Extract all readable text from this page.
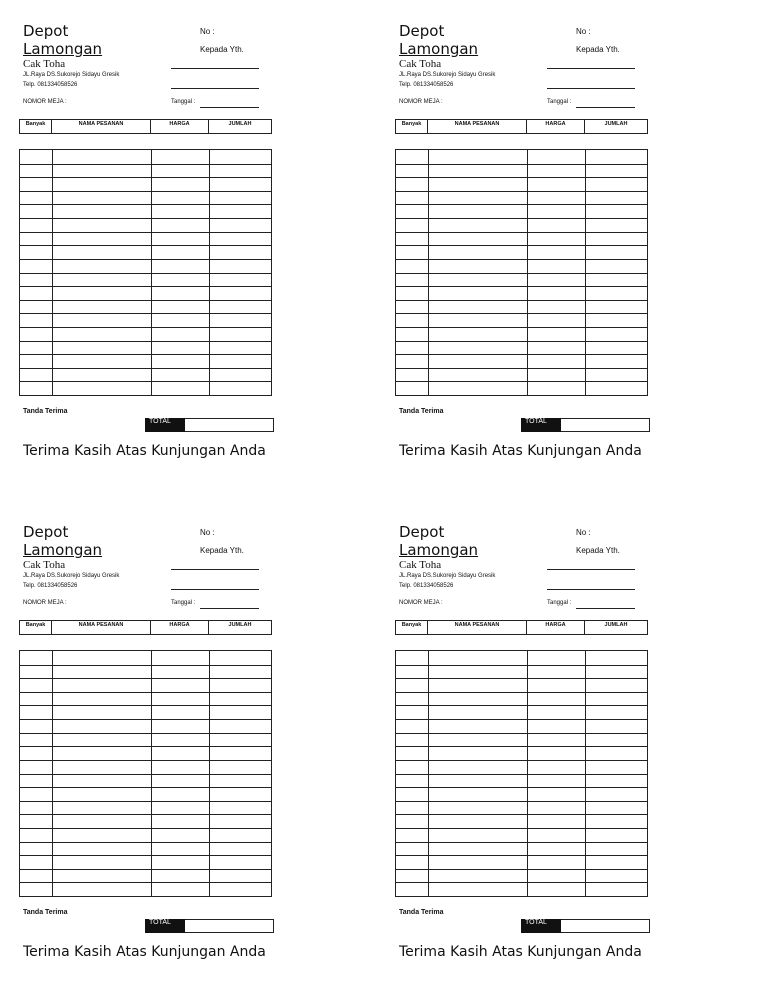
Depot
Lamongan
Cak Toha
JL.Raya DS.Sukorejo Sidayu Gresik
Telp. 081334058526
No :
Kepada Yth.
NOMOR MEJA :	Tanggal :
Banyak	NAMA PESANAN	HARGA	JUMLAH
Tanda Terima
TOTAL
Terima Kasih Atas Kunjungan Anda
Depot
Lamongan
Cak Toha
JL.Raya DS.Sukorejo Sidayu Gresik
Telp. 081334058526
No :
Kepada Yth.
NOMOR MEJA :	Tanggal :
Banyak	NAMA PESANAN	HARGA	JUMLAH
Tanda Terima
TOTAL
Terima Kasih Atas Kunjungan Anda
Depot
Lamongan
Cak Toha
JL.Raya DS.Sukorejo Sidayu Gresik
Telp. 081334058526
No :
Kepada Yth.
NOMOR MEJA :	Tanggal :
Banyak	NAMA PESANAN	HARGA	JUMLAH
Tanda Terima
TOTAL
Terima Kasih Atas Kunjungan Anda
Depot
Lamongan
Cak Toha
JL.Raya DS.Sukorejo Sidayu Gresik
Telp. 081334058526
No :
Kepada Yth.
NOMOR MEJA :	Tanggal :
Banyak	NAMA PESANAN	HARGA	JUMLAH
Tanda Terima
TOTAL
Terima Kasih Atas Kunjungan Anda
